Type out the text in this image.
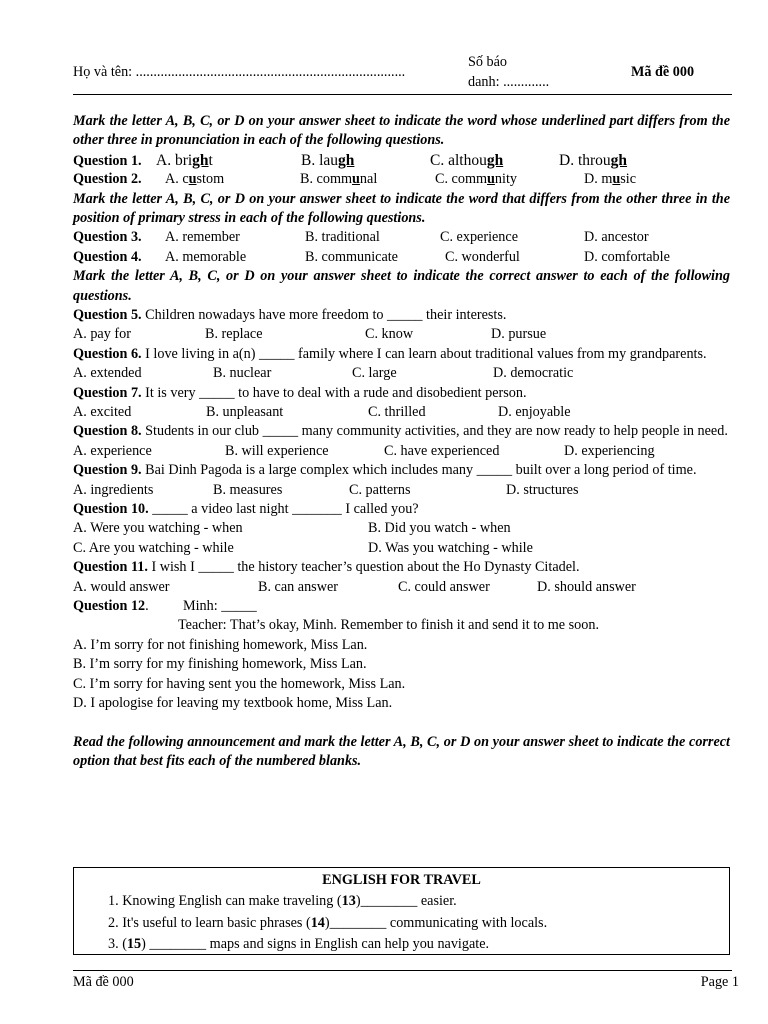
Họ và tên: ............................................................................
Số báo
danh: .............
Mã đề 000
Mark the letter A, B, C, or D on your answer sheet to indicate the word whose underlined part differs from the other three in pronunciation in each of the following questions.
Question 1. A. bright	B. laugh	C. although	D. through
Question 2. A. custom	B. communal	C. community	D. music
Mark the letter A, B, C, or D on your answer sheet to indicate the word that differs from the other three in the position of primary stress in each of the following questions.
Question 3. A. remember	B. traditional	C. experience	D. ancestor
Question 4. A. memorable	B. communicate	C. wonderful	D. comfortable
Mark the letter A, B, C, or D on your answer sheet to indicate the correct answer to each of the following questions.
Question 5. Children nowadays have more freedom to _____ their interests.
A. pay for	B. replace	C. know	D. pursue
Question 6. I love living in a(n) _____ family where I can learn about traditional values from my grandparents.
A. extended	B. nuclear	C. large	D. democratic
Question 7. It is very _____ to have to deal with a rude and disobedient person.
A. excited	B. unpleasant	C. thrilled	D. enjoyable
Question 8. Students in our club _____ many community activities, and they are now ready to help people in need.
A. experience	B. will experience	C. have experienced	D. experiencing
Question 9. Bai Dinh Pagoda is a large complex which includes many _____ built over a long period of time.
A. ingredients	B. measures	C. patterns	D. structures
Question 10. _____ a video last night _______ I called you?
A. Were you watching - when	B. Did you watch - when
C. Are you watching - while	D. Was you watching - while
Question 11. I wish I _____ the history teacher’s question about the Ho Dynasty Citadel.
A. would answer	B. can answer	C. could answer	D. should answer
Question 12. Minh: _____
Teacher: That’s okay, Minh. Remember to finish it and send it to me soon.
A. I’m sorry for not finishing homework, Miss Lan.
B. I’m sorry for my finishing homework, Miss Lan.
C. I’m sorry for having sent you the homework, Miss Lan.
D. I apologise for leaving my textbook home, Miss Lan.
Read the following announcement and mark the letter A, B, C, or D on your answer sheet to indicate the correct option that best fits each of the numbered blanks.
ENGLISH FOR TRAVEL
1. Knowing English can make traveling (13)________ easier.
2. It's useful to learn basic phrases (14)________ communicating with locals.
3. (15) ________ maps and signs in English can help you navigate.
Mã đề 000	Page 1
